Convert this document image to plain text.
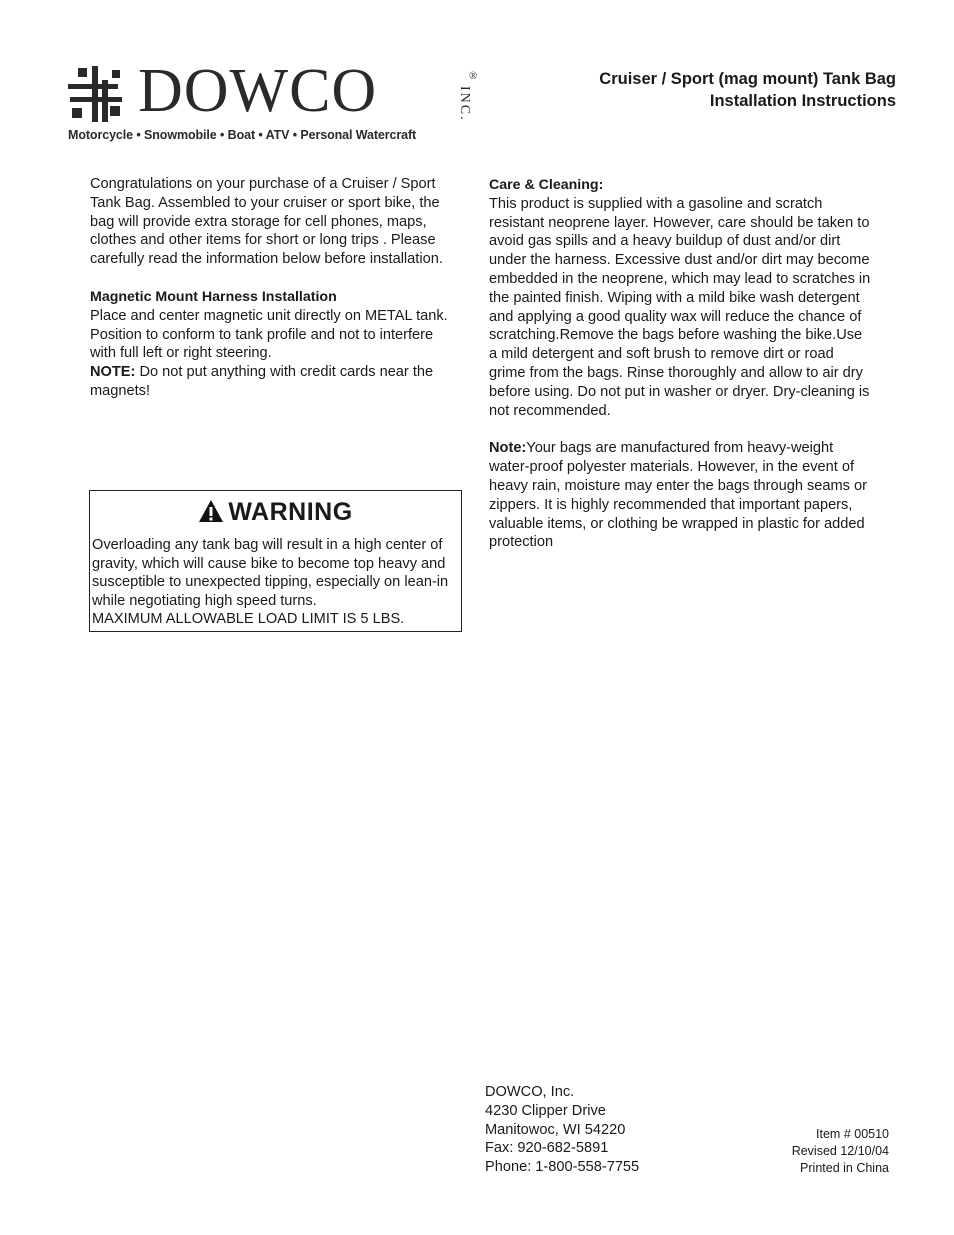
DOWCO	®
INC.
Motorcycle • Snowmobile • Boat • ATV • Personal Watercraft
Cruiser / Sport (mag mount) Tank Bag
Installation Instructions

Congratulations on your purchase of a Cruiser / Sport Tank Bag. Assembled to your cruiser or sport bike, the bag will provide extra storage for cell phones, maps, clothes and other items for short or long trips . Please carefully read the information below before installation.

Magnetic Mount Harness Installation

Place and center magnetic unit directly on METAL tank. Position to conform to tank profile and not to interfere with full left or right steering.

NOTE: Do not put anything with credit cards near the magnets!

WARNING

Overloading any tank bag will result in a high center of gravity, which will cause bike to become top heavy and susceptible to unexpected tipping, especially on lean-in while negotiating high speed turns.

MAXIMUM ALLOWABLE LOAD LIMIT IS 5 LBS.

Care & Cleaning:

This product is supplied with a gasoline and scratch resistant neoprene layer. However, care should be taken to avoid gas spills and a heavy buildup of dust and/or dirt under the harness. Excessive dust and/or dirt may become embedded in the neoprene, which may lead to scratches in the painted finish. Wiping with a mild bike wash detergent and applying a good quality wax will reduce the chance of scratching.Remove the bags before washing the bike.Use a mild detergent and soft brush to remove dirt or road grime from the bags. Rinse thoroughly and allow to air dry before using. Do not put in washer or dryer. Dry-cleaning is not recommended.

Note:Your bags are manufactured from heavy-weight water-proof polyester materials. However, in the event of heavy rain, moisture may enter the bags through seams or zippers. It is highly recommended that important papers, valuable items, or clothing be wrapped in plastic for added protection

DOWCO, Inc.
4230 Clipper Drive
Manitowoc, WI 54220
Fax: 920-682-5891
Phone: 1-800-558-7755
Item # 00510
Revised 12/10/04
Printed in China
